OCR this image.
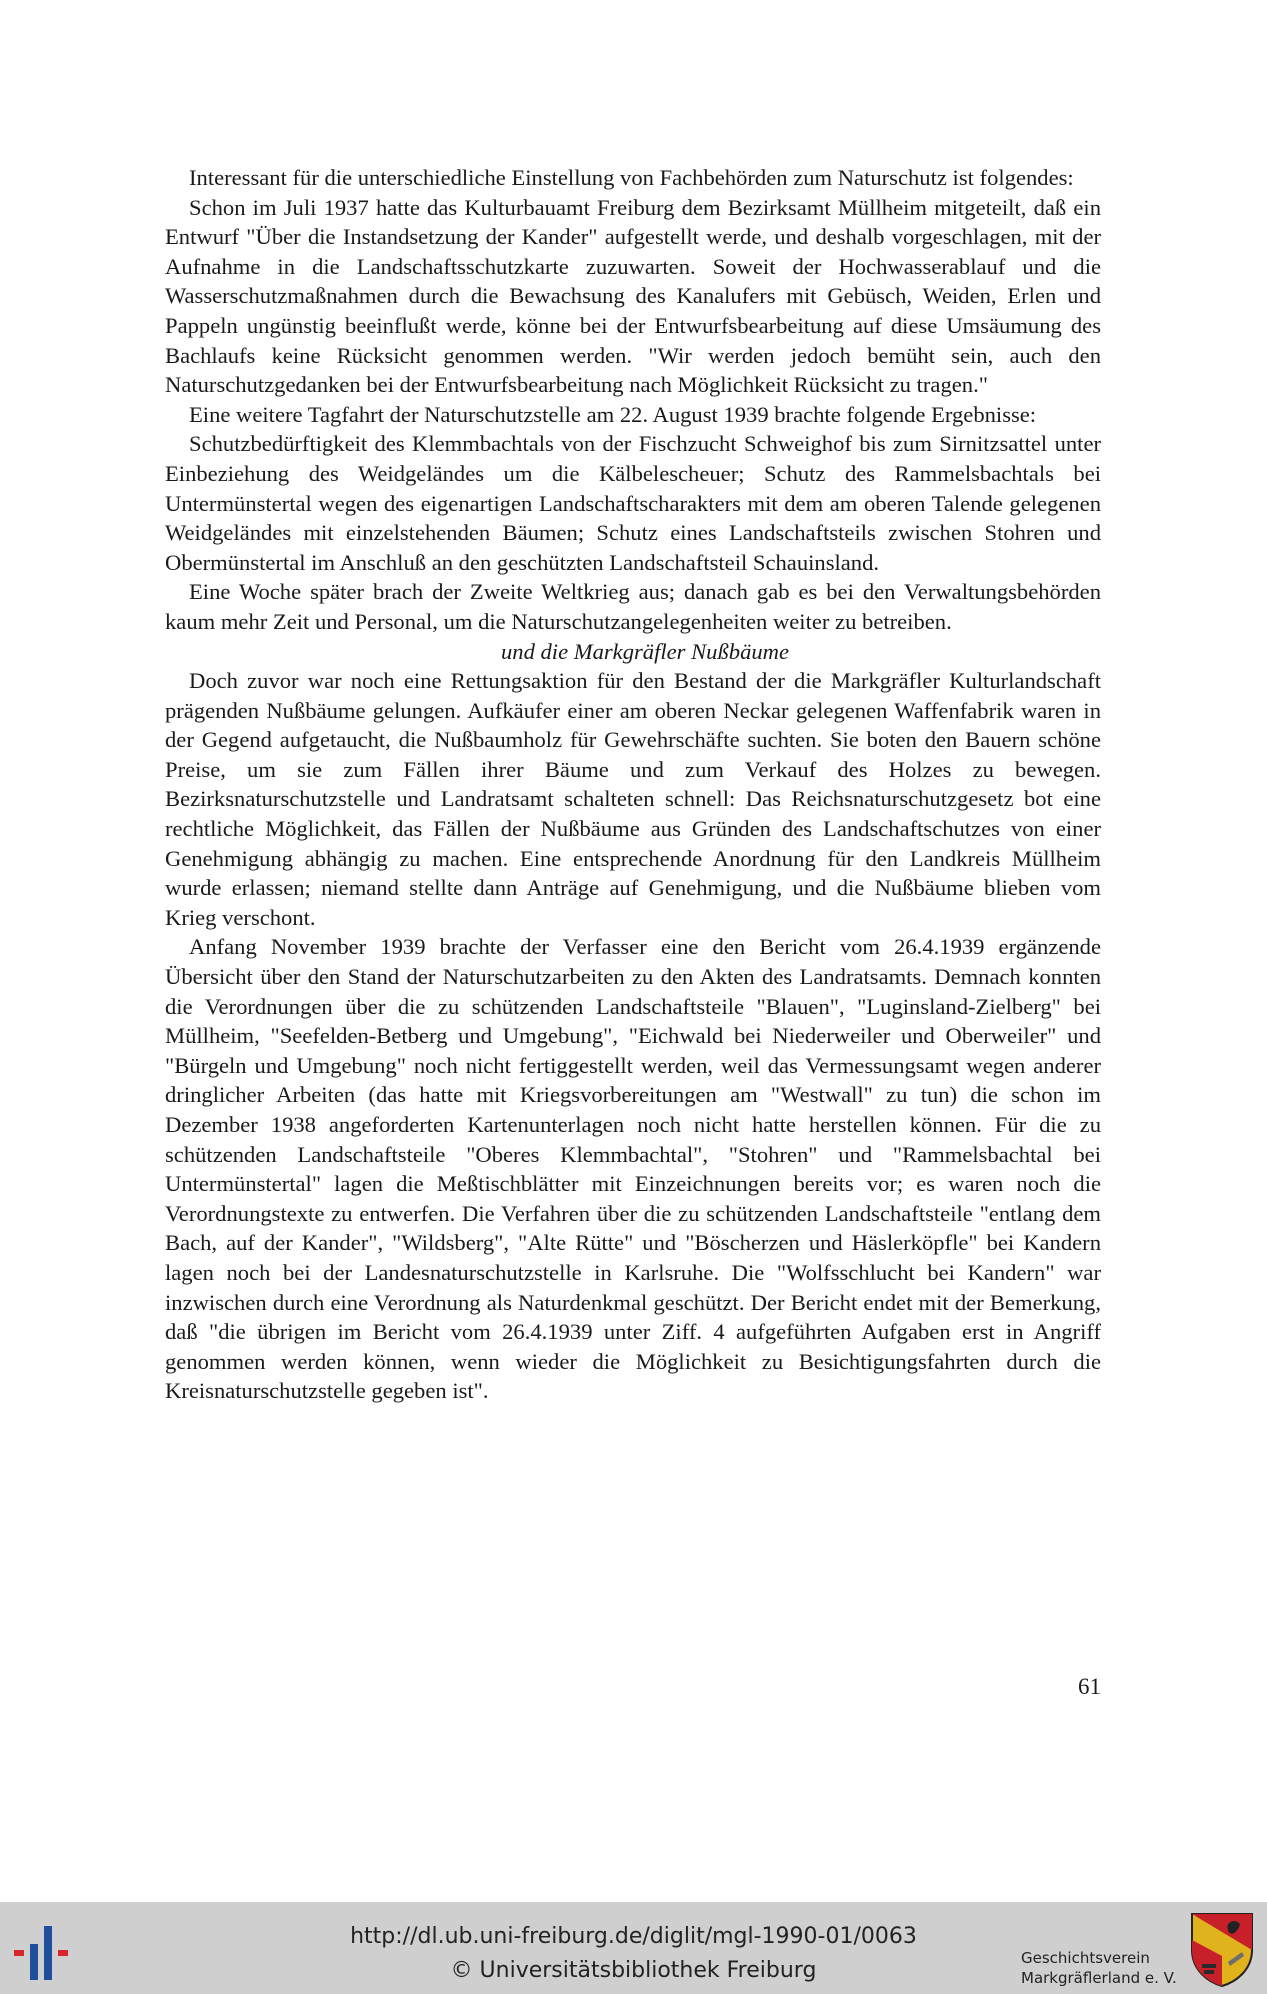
Interessant für die unterschiedliche Einstellung von Fachbehörden zum Naturschutz ist folgendes:

Schon im Juli 1937 hatte das Kulturbauamt Freiburg dem Bezirksamt Müllheim mitgeteilt, daß ein Entwurf "Über die Instandsetzung der Kander" aufgestellt werde, und deshalb vorgeschlagen, mit der Aufnahme in die Landschaftsschutzkarte zuzuwarten. Soweit der Hochwasserablauf und die Wasserschutzmaßnahmen durch die Bewachsung des Kanalufers mit Gebüsch, Weiden, Erlen und Pappeln ungünstig beeinflußt werde, könne bei der Entwurfsbearbeitung auf diese Umsäumung des Bachlaufs keine Rücksicht genommen werden. "Wir werden jedoch bemüht sein, auch den Naturschutzgedanken bei der Entwurfsbearbeitung nach Möglichkeit Rücksicht zu tragen."

Eine weitere Tagfahrt der Naturschutzstelle am 22. August 1939 brachte folgende Ergebnisse:

Schutzbedürftigkeit des Klemmbachtals von der Fischzucht Schweighof bis zum Sirnitzsattel unter Einbeziehung des Weidgeländes um die Kälbelescheuer; Schutz des Rammelsbachtals bei Untermünstertal wegen des eigenartigen Landschaftscharakters mit dem am oberen Talende gelegenen Weidgeländes mit einzelstehenden Bäumen; Schutz eines Landschaftsteils zwischen Stohren und Obermünstertal im Anschluß an den geschützten Landschaftsteil Schauinsland.

Eine Woche später brach der Zweite Weltkrieg aus; danach gab es bei den Verwaltungsbehörden kaum mehr Zeit und Personal, um die Naturschutzangelegenheiten weiter zu betreiben.

und die Markgräfler Nußbäume

Doch zuvor war noch eine Rettungsaktion für den Bestand der die Markgräfler Kulturlandschaft prägenden Nußbäume gelungen. Aufkäufer einer am oberen Neckar gelegenen Waffenfabrik waren in der Gegend aufgetaucht, die Nußbaumholz für Gewehrschäfte suchten. Sie boten den Bauern schöne Preise, um sie zum Fällen ihrer Bäume und zum Verkauf des Holzes zu bewegen. Bezirksnaturschutzstelle und Landratsamt schalteten schnell: Das Reichsnaturschutzgesetz bot eine rechtliche Möglichkeit, das Fällen der Nußbäume aus Gründen des Landschaftschutzes von einer Genehmigung abhängig zu machen. Eine entsprechende Anordnung für den Landkreis Müllheim wurde erlassen; niemand stellte dann Anträge auf Genehmigung, und die Nußbäume blieben vom Krieg verschont.

Anfang November 1939 brachte der Verfasser eine den Bericht vom 26.4.1939 ergänzende Übersicht über den Stand der Naturschutzarbeiten zu den Akten des Landratsamts. Demnach konnten die Verordnungen über die zu schützenden Landschaftsteile "Blauen", "Luginsland-Zielberg" bei Müllheim, "Seefelden-Betberg und Umgebung", "Eichwald bei Niederweiler und Oberweiler" und "Bürgeln und Umgebung" noch nicht fertiggestellt werden, weil das Vermessungsamt wegen anderer dringlicher Arbeiten (das hatte mit Kriegsvorbereitungen am "Westwall" zu tun) die schon im Dezember 1938 angeforderten Kartenunterlagen noch nicht hatte herstellen können. Für die zu schützenden Landschaftsteile "Oberes Klemmbachtal", "Stohren" und "Rammelsbachtal bei Untermünstertal" lagen die Meßtischblätter mit Einzeichnungen bereits vor; es waren noch die Verordnungstexte zu entwerfen. Die Verfahren über die zu schützenden Landschaftsteile "entlang dem Bach, auf der Kander", "Wildsberg", "Alte Rütte" und "Böscherzen und Häslerköpfle" bei Kandern lagen noch bei der Landesnaturschutzstelle in Karlsruhe. Die "Wolfsschlucht bei Kandern" war inzwischen durch eine Verordnung als Naturdenkmal geschützt. Der Bericht endet mit der Bemerkung, daß "die übrigen im Bericht vom 26.4.1939 unter Ziff. 4 aufgeführten Aufgaben erst in Angriff genommen werden können, wenn wieder die Möglichkeit zu Besichtigungsfahrten durch die Kreisnaturschutzstelle gegeben ist".

61
http://dl.ub.uni-freiburg.de/diglit/mgl-1990-01/0063
© Universitätsbibliothek Freiburg	Geschichtsverein
Markgräflerland e. V.
